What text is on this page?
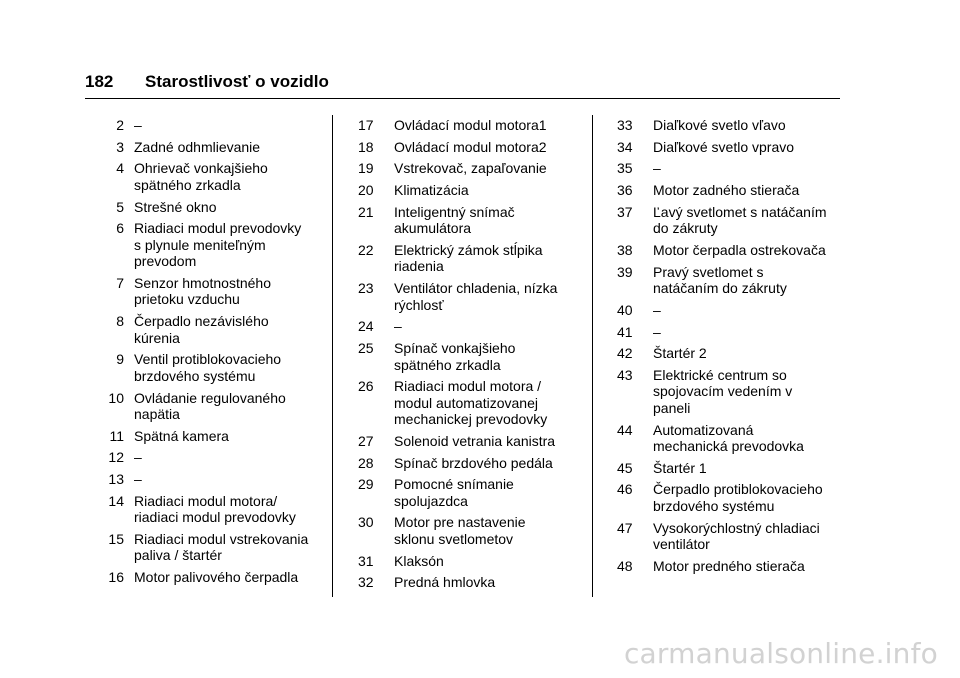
182 Starostlivosť o vozidlo
2 –
3 Zadné odhmlievanie
4 Ohrievač vonkajšieho
spätného zrkadla
5 Strešné okno
6 Riadiaci modul prevodovky
s plynule meniteľným
prevodom
7 Senzor hmotnostného
prietoku vzduchu
8 Čerpadlo nezávislého
kúrenia
9 Ventil protiblokovacieho
brzdového systému
10 Ovládanie regulovaného
napätia
11 Spätná kamera
12 –
13 –
14 Riadiaci modul motora/
riadiaci modul prevodovky
15 Riadiaci modul vstrekovania
paliva / štartér
16 Motor palivového čerpadla
17 Ovládací modul motora1
18 Ovládací modul motora2
19 Vstrekovač, zapaľovanie
20 Klimatizácia
21 Inteligentný snímač
akumulátora
22 Elektrický zámok stĺpika
riadenia
23 Ventilátor chladenia, nízka
rýchlosť
24 –
25 Spínač vonkajšieho
spätného zrkadla
26 Riadiaci modul motora /
modul automatizovanej
mechanickej prevodovky
27 Solenoid vetrania kanistra
28 Spínač brzdového pedála
29 Pomocné snímanie
spolujazdca
30 Motor pre nastavenie
sklonu svetlometov
31 Klaksón
32 Predná hmlovka
33 Diaľkové svetlo vľavo
34 Diaľkové svetlo vpravo
35 –
36 Motor zadného stierača
37 Ľavý svetlomet s natáčaním
do zákruty
38 Motor čerpadla ostrekovača
39 Pravý svetlomet s
natáčaním do zákruty
40 –
41 –
42 Štartér 2
43 Elektrické centrum so
spojovacím vedením v
paneli
44 Automatizovaná
mechanická prevodovka
45 Štartér 1
46 Čerpadlo protiblokovacieho
brzdového systému
47 Vysokorýchlostný chladiaci
ventilátor
48 Motor predného stierača
carmanualsonline.info
